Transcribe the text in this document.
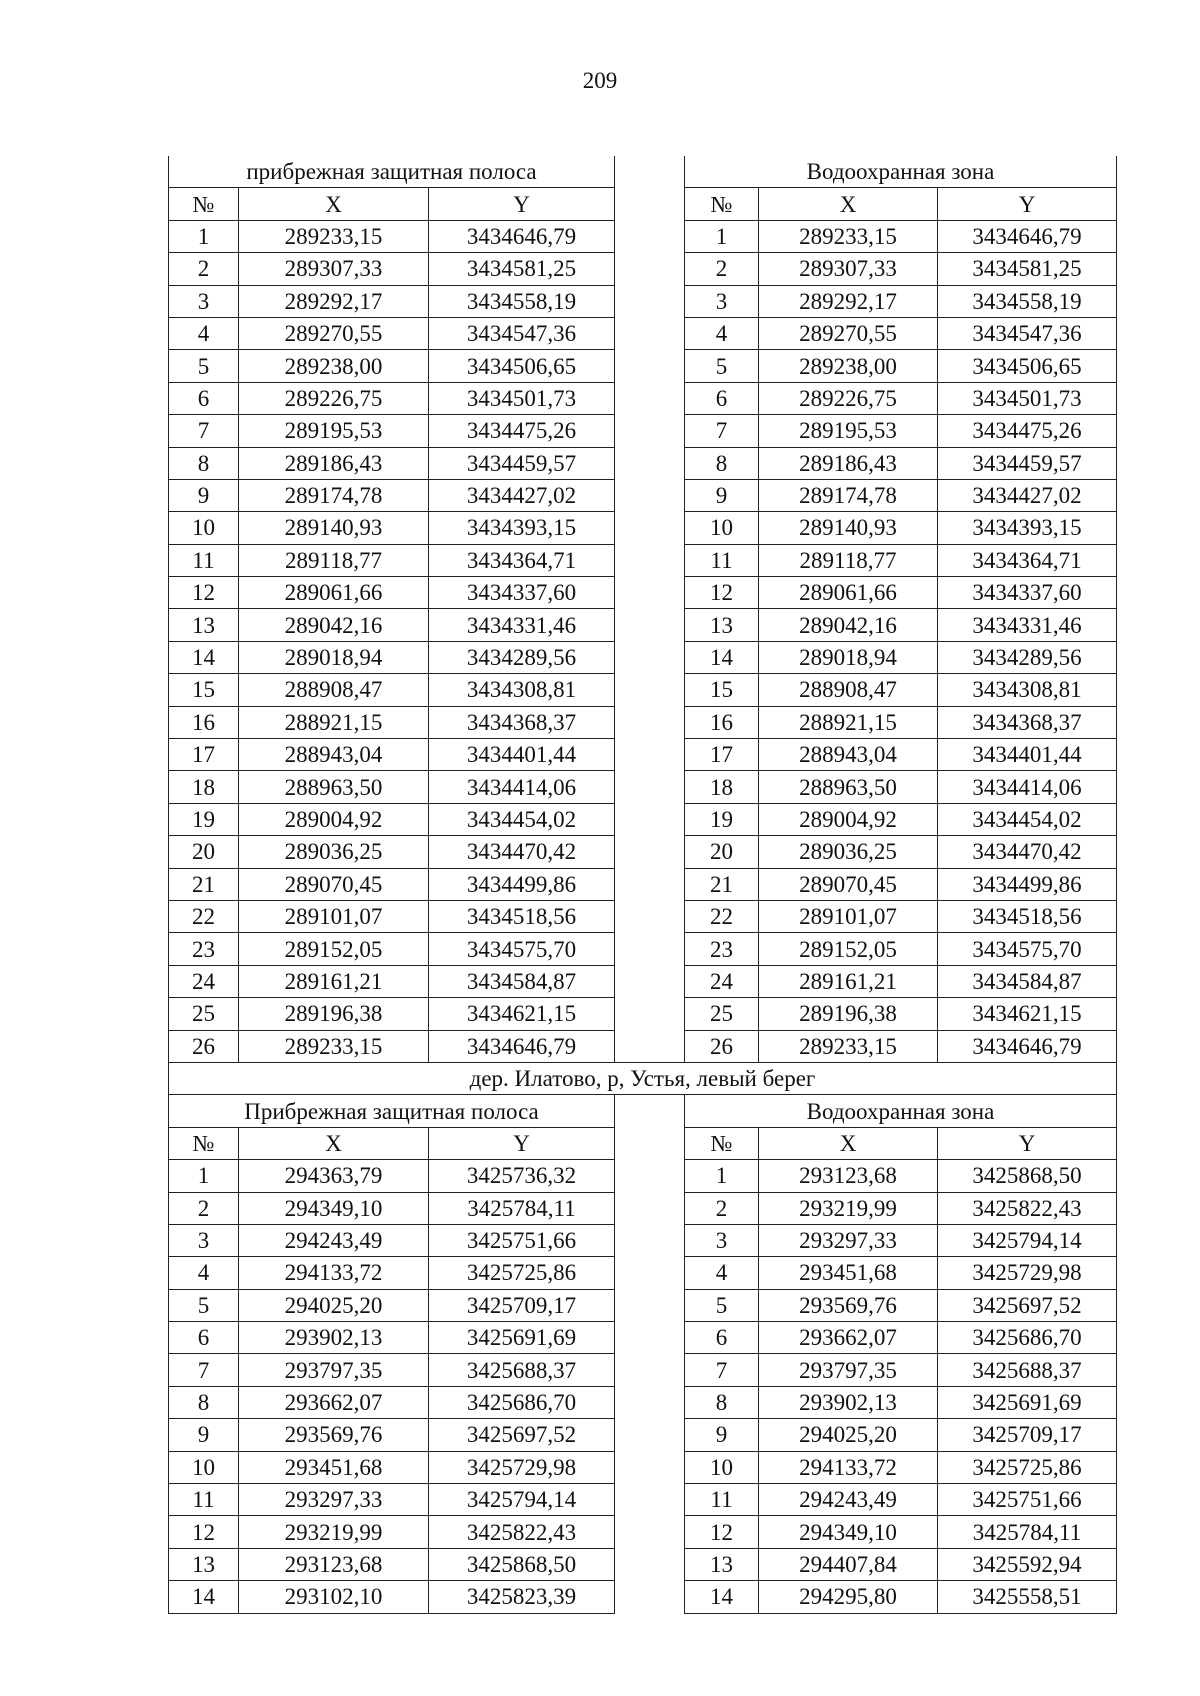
209
прибрежная защитная полоса				Водоохранная зона		
№	X	Y		№	X	Y
1	289233,15	3434646,79		1	289233,15	3434646,79
2	289307,33	3434581,25		2	289307,33	3434581,25
3	289292,17	3434558,19		3	289292,17	3434558,19
4	289270,55	3434547,36		4	289270,55	3434547,36
5	289238,00	3434506,65		5	289238,00	3434506,65
6	289226,75	3434501,73		6	289226,75	3434501,73
7	289195,53	3434475,26		7	289195,53	3434475,26
8	289186,43	3434459,57		8	289186,43	3434459,57
9	289174,78	3434427,02		9	289174,78	3434427,02
10	289140,93	3434393,15		10	289140,93	3434393,15
11	289118,77	3434364,71		11	289118,77	3434364,71
12	289061,66	3434337,60		12	289061,66	3434337,60
13	289042,16	3434331,46		13	289042,16	3434331,46
14	289018,94	3434289,56		14	289018,94	3434289,56
15	288908,47	3434308,81		15	288908,47	3434308,81
16	288921,15	3434368,37		16	288921,15	3434368,37
17	288943,04	3434401,44		17	288943,04	3434401,44
18	288963,50	3434414,06		18	288963,50	3434414,06
19	289004,92	3434454,02		19	289004,92	3434454,02
20	289036,25	3434470,42		20	289036,25	3434470,42
21	289070,45	3434499,86		21	289070,45	3434499,86
22	289101,07	3434518,56		22	289101,07	3434518,56
23	289152,05	3434575,70		23	289152,05	3434575,70
24	289161,21	3434584,87		24	289161,21	3434584,87
25	289196,38	3434621,15		25	289196,38	3434621,15
26	289233,15	3434646,79		26	289233,15	3434646,79
дер. Илатово, р, Устья, левый берег						
Прибрежная защитная полоса				Водоохранная зона		
№	X	Y		№	X	Y
1	294363,79	3425736,32		1	293123,68	3425868,50
2	294349,10	3425784,11		2	293219,99	3425822,43
3	294243,49	3425751,66		3	293297,33	3425794,14
4	294133,72	3425725,86		4	293451,68	3425729,98
5	294025,20	3425709,17		5	293569,76	3425697,52
6	293902,13	3425691,69		6	293662,07	3425686,70
7	293797,35	3425688,37		7	293797,35	3425688,37
8	293662,07	3425686,70		8	293902,13	3425691,69
9	293569,76	3425697,52		9	294025,20	3425709,17
10	293451,68	3425729,98		10	294133,72	3425725,86
11	293297,33	3425794,14		11	294243,49	3425751,66
12	293219,99	3425822,43		12	294349,10	3425784,11
13	293123,68	3425868,50		13	294407,84	3425592,94
14	293102,10	3425823,39		14	294295,80	3425558,51
